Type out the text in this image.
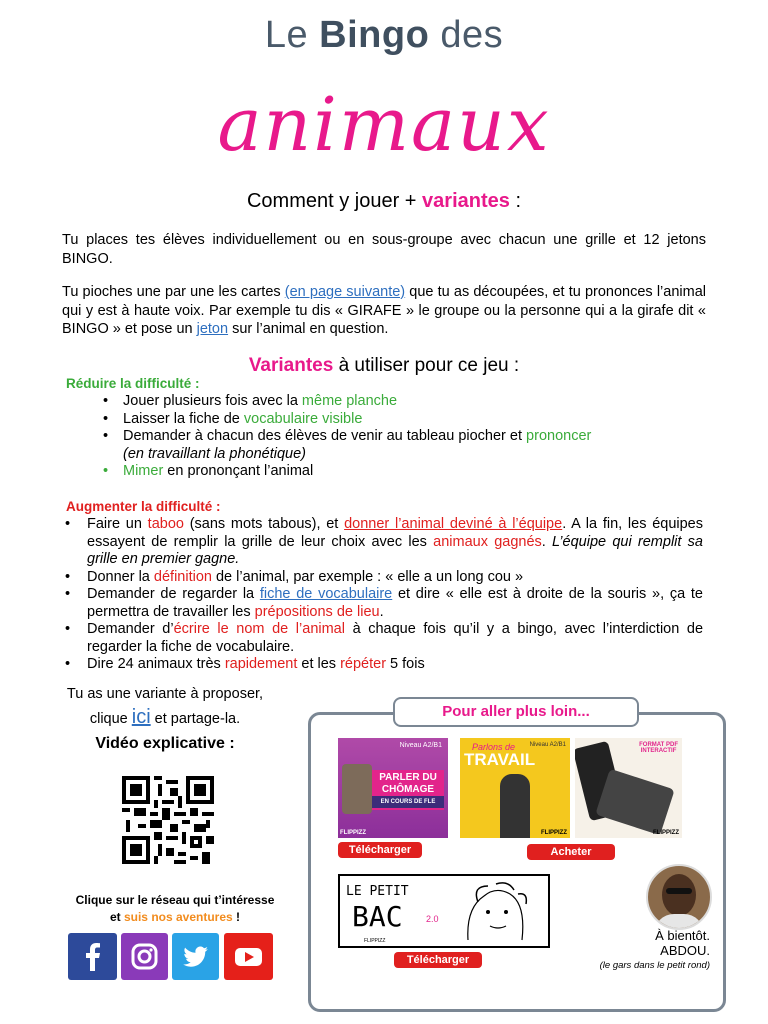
Le Bingo des
animaux
Comment y jouer + variantes :
Tu places tes élèves individuellement ou en sous-groupe avec chacun une grille et 12 jetons BINGO.
Tu pioches une par une les cartes (en page suivante) que tu as découpées, et tu prononces l’animal qui y est à haute voix. Par exemple tu dis « GIRAFE » le groupe ou la personne qui a la girafe dit « BINGO » et pose un jeton sur l’animal en question.
Variantes à utiliser pour ce jeu :
Réduire la difficulté :
• Jouer plusieurs fois avec la même planche
• Laisser la fiche de vocabulaire visible
• Demander à chacun des élèves de venir au tableau piocher et prononcer
(en travaillant la phonétique)
• Mimer en prononçant l’animal
Augmenter la difficulté :
• Faire un taboo (sans mots tabous), et donner l’animal deviné à l’équipe. A la fin, les équipes essayent de remplir la grille de leur choix avec les animaux gagnés. L’équipe qui remplit sa grille en premier gagne.
• Donner la définition de l’animal, par exemple : « elle a un long cou »
• Demander de regarder la fiche de vocabulaire et dire « elle est à droite de la souris », ça te permettra de travailler les prépositions de lieu.
• Demander d’écrire le nom de l’animal à chaque fois qu’il y a bingo, avec l’interdiction de regarder la fiche de vocabulaire.
• Dire 24 animaux très rapidement et les répéter 5 fois
Tu as une variante à proposer,
clique ici et partage-la.
Vidéo explicative :
Clique sur le réseau qui t’intéresse
et suis nos aventures !
Pour aller plus loin...
Niveau A2/B1
PARLER DU
CHÔMAGE
EN COURS DE FLE
FLIPPIZZ
Télécharger
Parlons de
TRAVAIL
Niveau A2/B1
FLIPPIZZ
Acheter
FORMAT PDF
INTERACTIF
FLIPPIZZ
LE PETIT
BAC	2.0
FLIPPIZZ
Télécharger
À bientôt.
ABDOU.
(le gars dans le petit rond)
